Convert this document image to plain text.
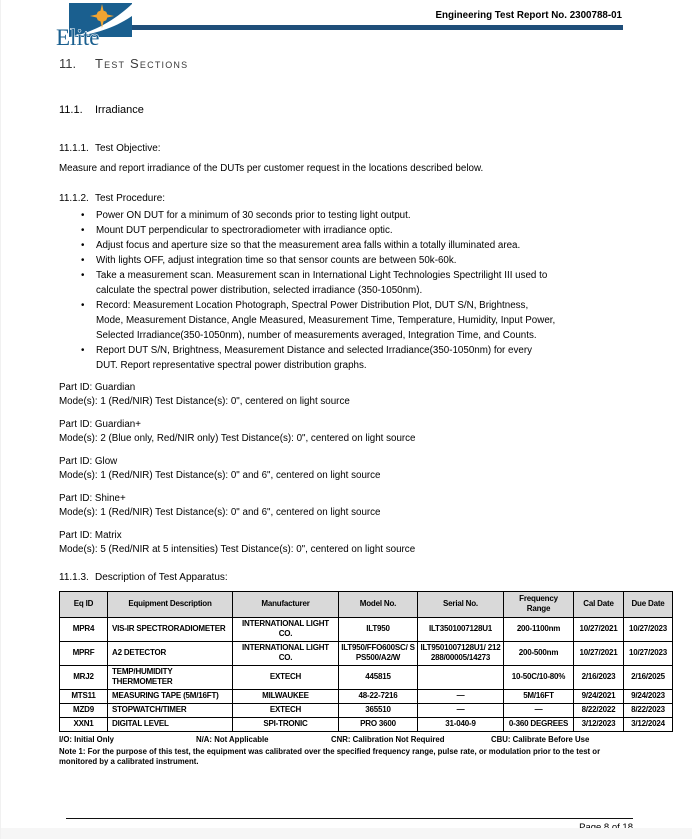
Elite
Engineering Test Report No. 2300788-01
11. Test Sections
11.1. Irradiance
11.1.1. Test Objective:
Measure and report irradiance of the DUTs per customer request in the locations described below.
11.1.2. Test Procedure:
• Power ON DUT for a minimum of 30 seconds prior to testing light output.
• Mount DUT perpendicular to spectroradiometer with irradiance optic.
• Adjust focus and aperture size so that the measurement area falls within a totally illuminated area.
• With lights OFF, adjust integration time so that sensor counts are between 50k-60k.
• Take a measurement scan. Measurement scan in International Light Technologies Spectrilight III used to calculate the spectral power distribution, selected irradiance (350-1050nm).
• Record: Measurement Location Photograph, Spectral Power Distribution Plot, DUT S/N, Brightness, Mode, Measurement Distance, Angle Measured, Measurement Time, Temperature, Humidity, Input Power, Selected Irradiance(350-1050nm), number of measurements averaged, Integration Time, and Counts.
• Report DUT S/N, Brightness, Measurement Distance and selected Irradiance(350-1050nm) for every DUT. Report representative spectral power distribution graphs.
Part ID: Guardian
Mode(s): 1 (Red/NIR) Test Distance(s): 0", centered on light source
Part ID: Guardian+
Mode(s): 2 (Blue only, Red/NIR only) Test Distance(s): 0", centered on light source
Part ID: Glow
Mode(s): 1 (Red/NIR) Test Distance(s): 0" and 6", centered on light source
Part ID: Shine+
Mode(s): 1 (Red/NIR) Test Distance(s): 0" and 6", centered on light source
Part ID: Matrix
Mode(s): 5 (Red/NIR at 5 intensities) Test Distance(s): 0", centered on light source
11.1.3. Description of Test Apparatus:
Eq ID	Equipment Description	Manufacturer	Model No.	Serial No.	Frequency Range	Cal Date	Due Date
MPR4	VIS-IR SPECTRORADIOMETER	INTERNATIONAL LIGHT CO.	ILT950	ILT3501007128U1	200-1100nm	10/27/2021	10/27/2023
MPRF	A2 DETECTOR	INTERNATIONAL LIGHT CO.	ILT950/FFO600SC/ SPS500/A2/W	ILT9501007128U1/ 212288/00005/14273	200-500nm	10/27/2021	10/27/2023
MRJ2	TEMP/HUMIDITY THERMOMETER	EXTECH	445815		10-50C/10-80%	2/16/2023	2/16/2025
MTS11	MEASURING TAPE (5M/16FT)	MILWAUKEE	48-22-7216	—	5M/16FT	9/24/2021	9/24/2023
MZD9	STOPWATCH/TIMER	EXTECH	365510	—	—	8/22/2022	8/22/2023
XXN1	DIGITAL LEVEL	SPI-TRONIC	PRO 3600	31-040-9	0-360 DEGREES	3/12/2023	3/12/2024
I/O: Initial Only	N/A: Not Applicable	CNR: Calibration Not Required	CBU: Calibrate Before Use
Note 1: For the purpose of this test, the equipment was calibrated over the specified frequency range, pulse rate, or modulation prior to the test or monitored by a calibrated instrument.
